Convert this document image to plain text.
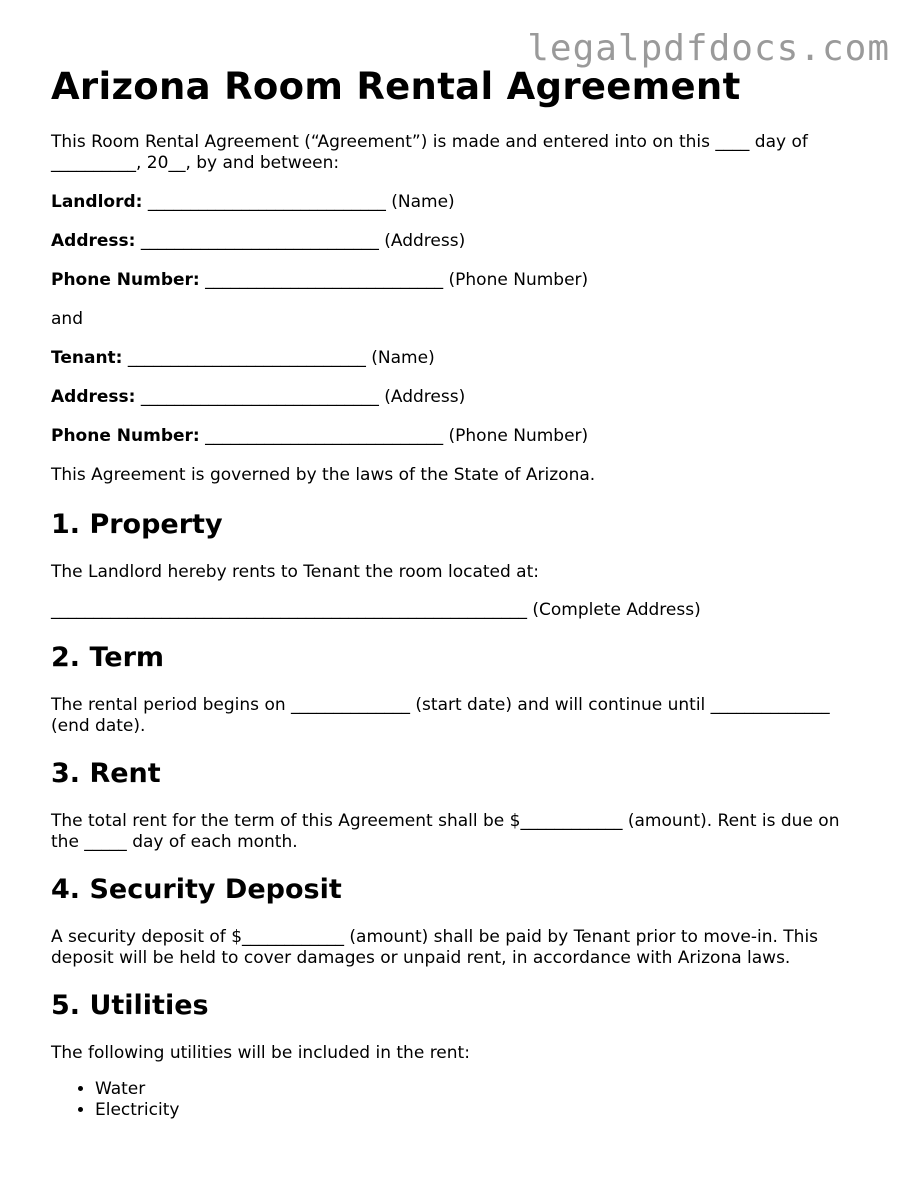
legalpdfdocs.com
Arizona Room Rental Agreement

This Room Rental Agreement (“Agreement”) is made and entered into on this ____ day of __________, 20__, by and between:

Landlord: ____________________________ (Name)

Address: ____________________________ (Address)

Phone Number: ____________________________ (Phone Number)

and

Tenant: ____________________________ (Name)

Address: ____________________________ (Address)

Phone Number: ____________________________ (Phone Number)

This Agreement is governed by the laws of the State of Arizona.

1. Property

The Landlord hereby rents to Tenant the room located at:

________________________________________________________ (Complete Address)

2. Term

The rental period begins on ______________ (start date) and will continue until ______________ (end date).

3. Rent

The total rent for the term of this Agreement shall be $____________ (amount). Rent is due on the _____ day of each month.

4. Security Deposit

A security deposit of $____________ (amount) shall be paid by Tenant prior to move-in. This deposit will be held to cover damages or unpaid rent, in accordance with Arizona laws.

5. Utilities

The following utilities will be included in the rent:

• Water
• Electricity
